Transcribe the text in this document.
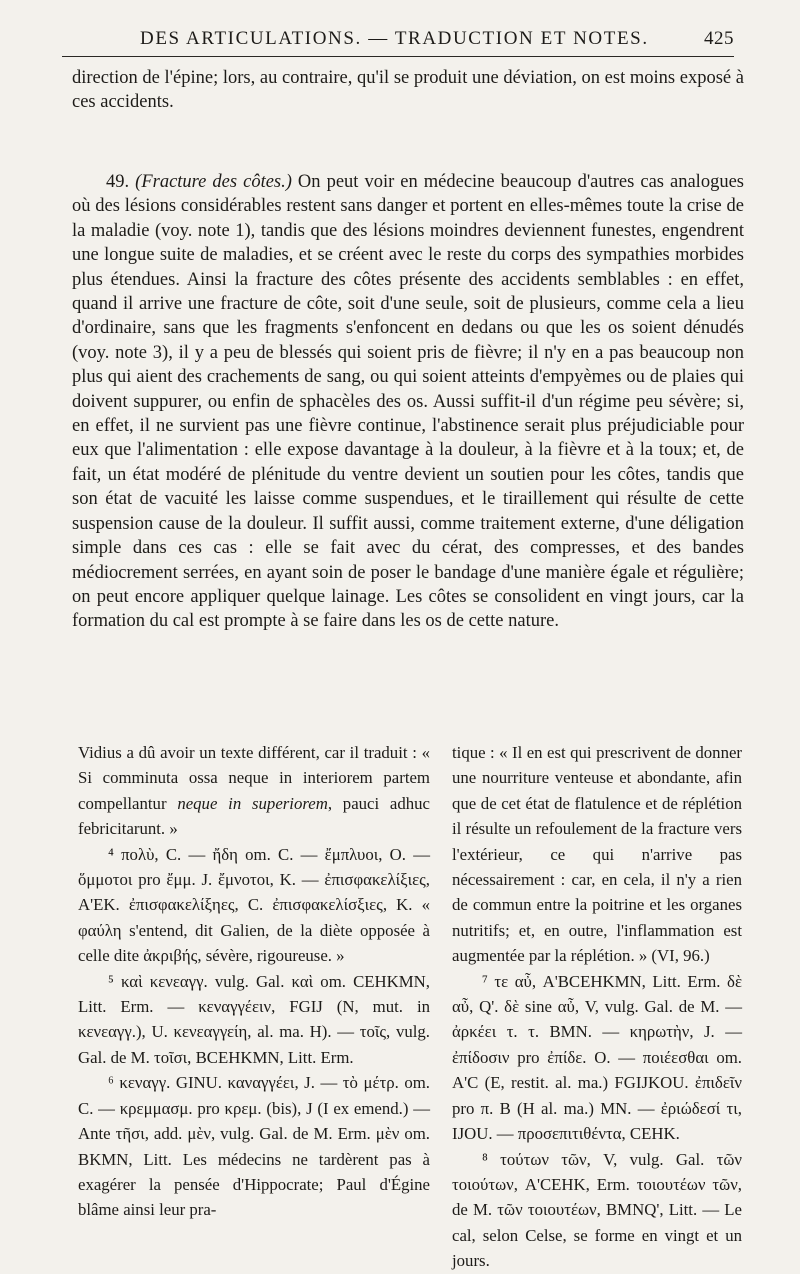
DES ARTICULATIONS. — TRADUCTION ET NOTES.	425

direction de l'épine; lors, au contraire, qu'il se produit une déviation, on est moins exposé à ces accidents.

49. (Fracture des côtes.) On peut voir en médecine beaucoup d'autres cas analogues où des lésions considérables restent sans danger et portent en elles-mêmes toute la crise de la maladie (voy. note 1), tandis que des lésions moindres deviennent funestes, engendrent une longue suite de maladies, et se créent avec le reste du corps des sympathies morbides plus étendues. Ainsi la fracture des côtes présente des accidents semblables : en effet, quand il arrive une fracture de côte, soit d'une seule, soit de plusieurs, comme cela a lieu d'ordinaire, sans que les fragments s'enfoncent en dedans ou que les os soient dénudés (voy. note 3), il y a peu de blessés qui soient pris de fièvre; il n'y en a pas beaucoup non plus qui aient des crachements de sang, ou qui soient atteints d'empyèmes ou de plaies qui doivent suppurer, ou enfin de sphacèles des os. Aussi suffit-il d'un régime peu sévère; si, en effet, il ne survient pas une fièvre continue, l'abstinence serait plus préjudiciable pour eux que l'alimentation : elle expose davantage à la douleur, à la fièvre et à la toux; et, de fait, un état modéré de plénitude du ventre devient un soutien pour les côtes, tandis que son état de vacuité les laisse comme suspendues, et le tiraillement qui résulte de cette suspension cause de la douleur. Il suffit aussi, comme traitement externe, d'une déligation simple dans ces cas : elle se fait avec du cérat, des compresses, et des bandes médiocrement serrées, en ayant soin de poser le bandage d'une manière égale et régulière; on peut encore appliquer quelque lainage. Les côtes se consolident en vingt jours, car la formation du cal est prompte à se faire dans les os de cette nature.

Vidius a dû avoir un texte différent, car il traduit : « Si comminuta ossa neque in interiorem partem compellantur neque in superiorem, pauci adhuc febricitarunt. »

⁴ πολὺ, C. — ἤδη om. C. — ἔμπλυοι, O. — ὅμμοτοι pro ἔμμ. J. ἔμνοτοι, K. — ἐπισφακελίξιες, A'EK. ἐπισφακελίξηες, C. ἐπισφακελίσξιες, K. « φαύλη s'entend, dit Galien, de la diète opposée à celle dite ἀκριβής, sévère, rigoureuse. »

⁵ καὶ κενεαγγ. vulg. Gal. καὶ om. CEHKMN, Litt. Erm. — κεναγγέειν, FGIJ (N, mut. in κενεαγγ.), U. κενεαγγείη, al. ma. H). — τοῖς, vulg. Gal. de M. τοῖσι, BCEHKMN, Litt. Erm.

⁶ κεναγγ. GINU. καναγγέει, J. — τὸ μέτρ. om. C. — κρεμμασμ. pro κρεμ. (bis), J (I ex emend.) — Ante τῆσι, add. μὲν, vulg. Gal. de M. Erm. μὲν om. BKMN, Litt. Les médecins ne tardèrent pas à exagérer la pensée d'Hippocrate; Paul d'Égine blâme ainsi leur pra-

tique : « Il en est qui prescrivent de donner une nourriture venteuse et abondante, afin que de cet état de flatulence et de réplétion il résulte un refoulement de la fracture vers l'extérieur, ce qui n'arrive pas nécessairement : car, en cela, il n'y a rien de commun entre la poitrine et les organes nutritifs; et, en outre, l'inflammation est augmentée par la réplétion. » (VI, 96.)

⁷ τε αὖ, A'BCEHKMN, Litt. Erm. δὲ αὖ, Q'. δὲ sine αὖ, V, vulg. Gal. de M. — ἀρκέει τ. τ. BMN. — κηρωτὴν, J. — ἐπίδοσιν pro ἐπίδε. O. — ποιέεσθαι om. A'C (E, restit. al. ma.) FGIJKOU. ἐπιδεῖν pro π. B (H al. ma.) MN. — ἐριώδεσί τι, IJOU. — προσεπιτιθέντα, CEHK.

⁸ τούτων τῶν, V, vulg. Gal. τῶν τοιούτων, A'CEHK, Erm. τοιουτέων τῶν, de M. τῶν τοιουτέων, BMNQ', Litt. — Le cal, selon Celse, se forme en vingt et un jours.
